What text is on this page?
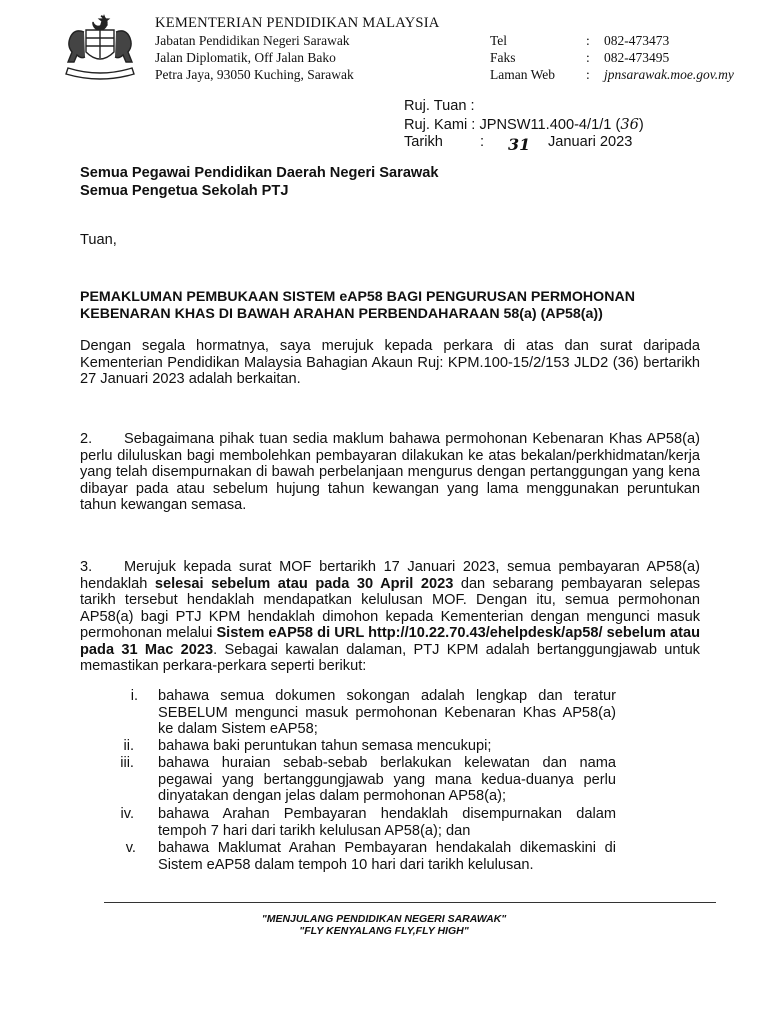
KEMENTERIAN PENDIDIKAN MALAYSIA
Jabatan Pendidikan Negeri Sarawak
Jalan Diplomatik, Off Jalan Bako
Petra Jaya, 93050 Kuching, Sarawak
Tel	: 082-473473
Faks	: 082-473495
Laman Web : jpnsarawak.moe.gov.my
Ruj. Tuan :
Ruj. Kami : JPNSW11.400-4/1/1 (36)
Tarikh	: 31 Januari 2023
Semua Pegawai Pendidikan Daerah Negeri Sarawak
Semua Pengetua Sekolah PTJ
Tuan,
PEMAKLUMAN PEMBUKAAN SISTEM eAP58 BAGI PENGURUSAN PERMOHONAN
KEBENARAN KHAS DI BAWAH ARAHAN PERBENDAHARAAN 58(a) (AP58(a))
Dengan segala hormatnya, saya merujuk kepada perkara di atas dan surat daripada Kementerian Pendidikan Malaysia Bahagian Akaun Ruj: KPM.100-15/2/153 JLD2 (36) bertarikh 27 Januari 2023 adalah berkaitan.
2. Sebagaimana pihak tuan sedia maklum bahawa permohonan Kebenaran Khas AP58(a) perlu diluluskan bagi membolehkan pembayaran dilakukan ke atas bekalan/perkhidmatan/kerja yang telah disempurnakan di bawah perbelanjaan mengurus dengan pertanggungan yang kena dibayar pada atau sebelum hujung tahun kewangan yang lama menggunakan peruntukan tahun kewangan semasa.
3. Merujuk kepada surat MOF bertarikh 17 Januari 2023, semua pembayaran AP58(a) hendaklah selesai sebelum atau pada 30 April 2023 dan sebarang pembayaran selepas tarikh tersebut hendaklah mendapatkan kelulusan MOF. Dengan itu, semua permohonan AP58(a) bagi PTJ KPM hendaklah dimohon kepada Kementerian dengan mengunci masuk permohonan melalui Sistem eAP58 di URL http://10.22.70.43/ehelpdesk/ap58/ sebelum atau pada 31 Mac 2023. Sebagai kawalan dalaman, PTJ KPM adalah bertanggungjawab untuk memastikan perkara-perkara seperti berikut:
i. bahawa semua dokumen sokongan adalah lengkap dan teratur SEBELUM mengunci masuk permohonan Kebenaran Khas AP58(a) ke dalam Sistem eAP58;
ii. bahawa baki peruntukan tahun semasa mencukupi;
iii. bahawa huraian sebab-sebab berlakukan kelewatan dan nama pegawai yang bertanggungjawab yang mana kedua-duanya perlu dinyatakan dengan jelas dalam permohonan AP58(a);
iv. bahawa Arahan Pembayaran hendaklah disempurnakan dalam tempoh 7 hari dari tarikh kelulusan AP58(a); dan
v. bahawa Maklumat Arahan Pembayaran hendakalah dikemaskini di Sistem eAP58 dalam tempoh 10 hari dari tarikh kelulusan.
"MENJULANG PENDIDIKAN NEGERI SARAWAK"
"FLY KENYALANG FLY,FLY HIGH"
